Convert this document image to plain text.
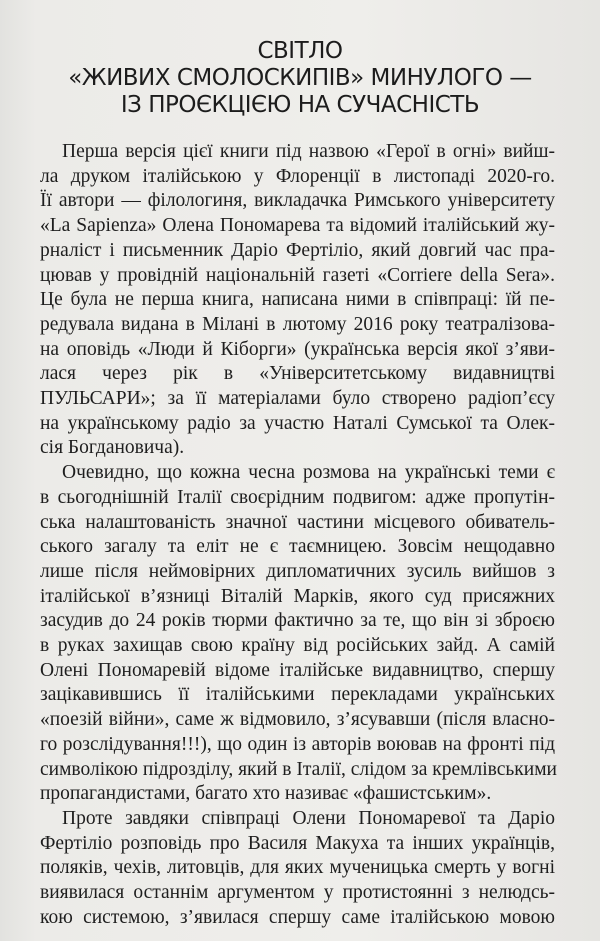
СВІТЛО
«ЖИВИХ СМОЛОСКИПІВ» МИНУЛОГО —
ІЗ ПРОЄКЦІЄЮ НА СУЧАСНІСТЬ
Перша версія цієї книги під назвою «Герої в огні» вийш-
ла друком італійською у Флоренції в листопаді 2020-го.
Її автори — філологиня, викладачка Римського університету
«La Sapienza» Олена Пономарева та відомий італійський жу-
рналіст і письменник Даріо Фертіліо, який довгий час пра-
цював у провідній національній газеті «Corriere della Sera».
Це була не перша книга, написана ними в співпраці: їй пе-
редувала видана в Мілані в лютому 2016 року театралізова-
на оповідь «Люди й Кіборги» (українська версія якої з’яви-
лася через рік в «Університетському видавництві
ПУЛЬСАРИ»; за її матеріалами було створено радіоп’єсу
на українському радіо за участю Наталі Сумської та Олек-
сія Богдановича).
Очевидно, що кожна чесна розмова на українські теми є
в сьогоднішній Італії своєрідним подвигом: адже пропутін-
ська налаштованість значної частини місцевого обиватель-
ського загалу та еліт не є таємницею. Зовсім нещодавно
лише після неймовірних дипломатичних зусиль вийшов з
італійської в’язниці Віталій Марків, якого суд присяжних
засудив до 24 років тюрми фактично за те, що він зі зброєю
в руках захищав свою країну від російських зайд. А самій
Олені Пономаревій відоме італійське видавництво, спершу
зацікавившись її італійськими перекладами українських
«поезій війни», саме ж відмовило, з’ясувавши (після власно-
го розслідування!!!), що один із авторів воював на фронті під
символікою підрозділу, який в Італії, слідом за кремлівськими
пропагандистами, багато хто називає «фашистським».
Проте завдяки співпраці Олени Пономаревої та Даріо
Фертіліо розповідь про Василя Макуха та інших українців,
поляків, чехів, литовців, для яких мученицька смерть у вогні
виявилася останнім аргументом у протистоянні з нелюдсь-
кою системою, з’явилася спершу саме італійською мовою
